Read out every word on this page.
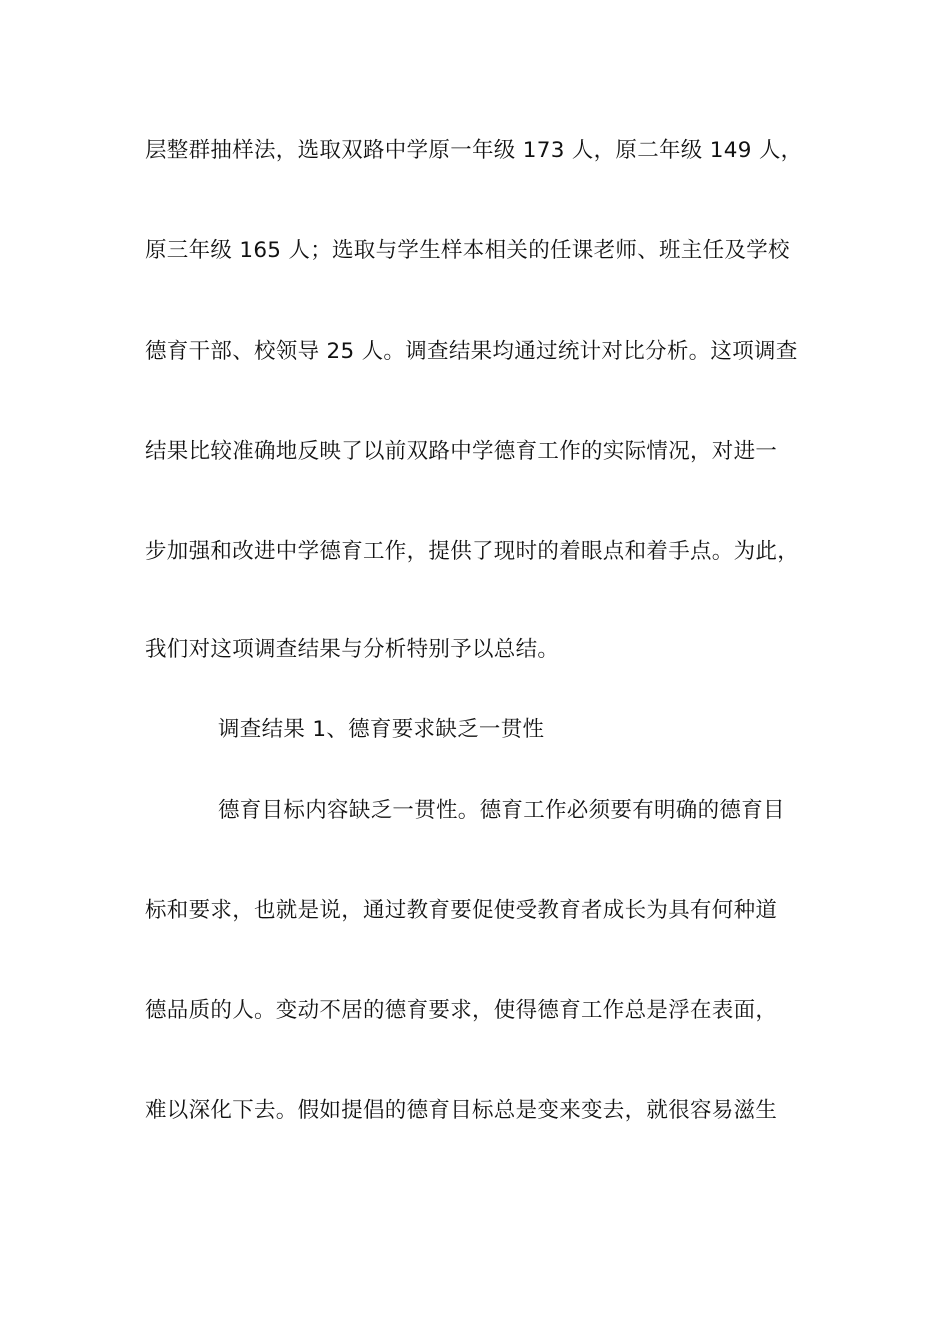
层整群抽样法，选取双路中学原一年级 173 人，原二年级 149 人，
原三年级 165 人；选取与学生样本相关的任课老师、班主任及学校
德育干部、校领导 25 人。调查结果均通过统计对比分析。这项调查
结果比较准确地反映了以前双路中学德育工作的实际情况，对进一
步加强和改进中学德育工作，提供了现时的着眼点和着手点。为此，
我们对这项调查结果与分析特别予以总结。
调查结果 1、德育要求缺乏一贯性
德育目标内容缺乏一贯性。德育工作必须要有明确的德育目
标和要求，也就是说，通过教育要促使受教育者成长为具有何种道
德品质的人。变动不居的德育要求，使得德育工作总是浮在表面，
难以深化下去。假如提倡的德育目标总是变来变去，就很容易滋生
